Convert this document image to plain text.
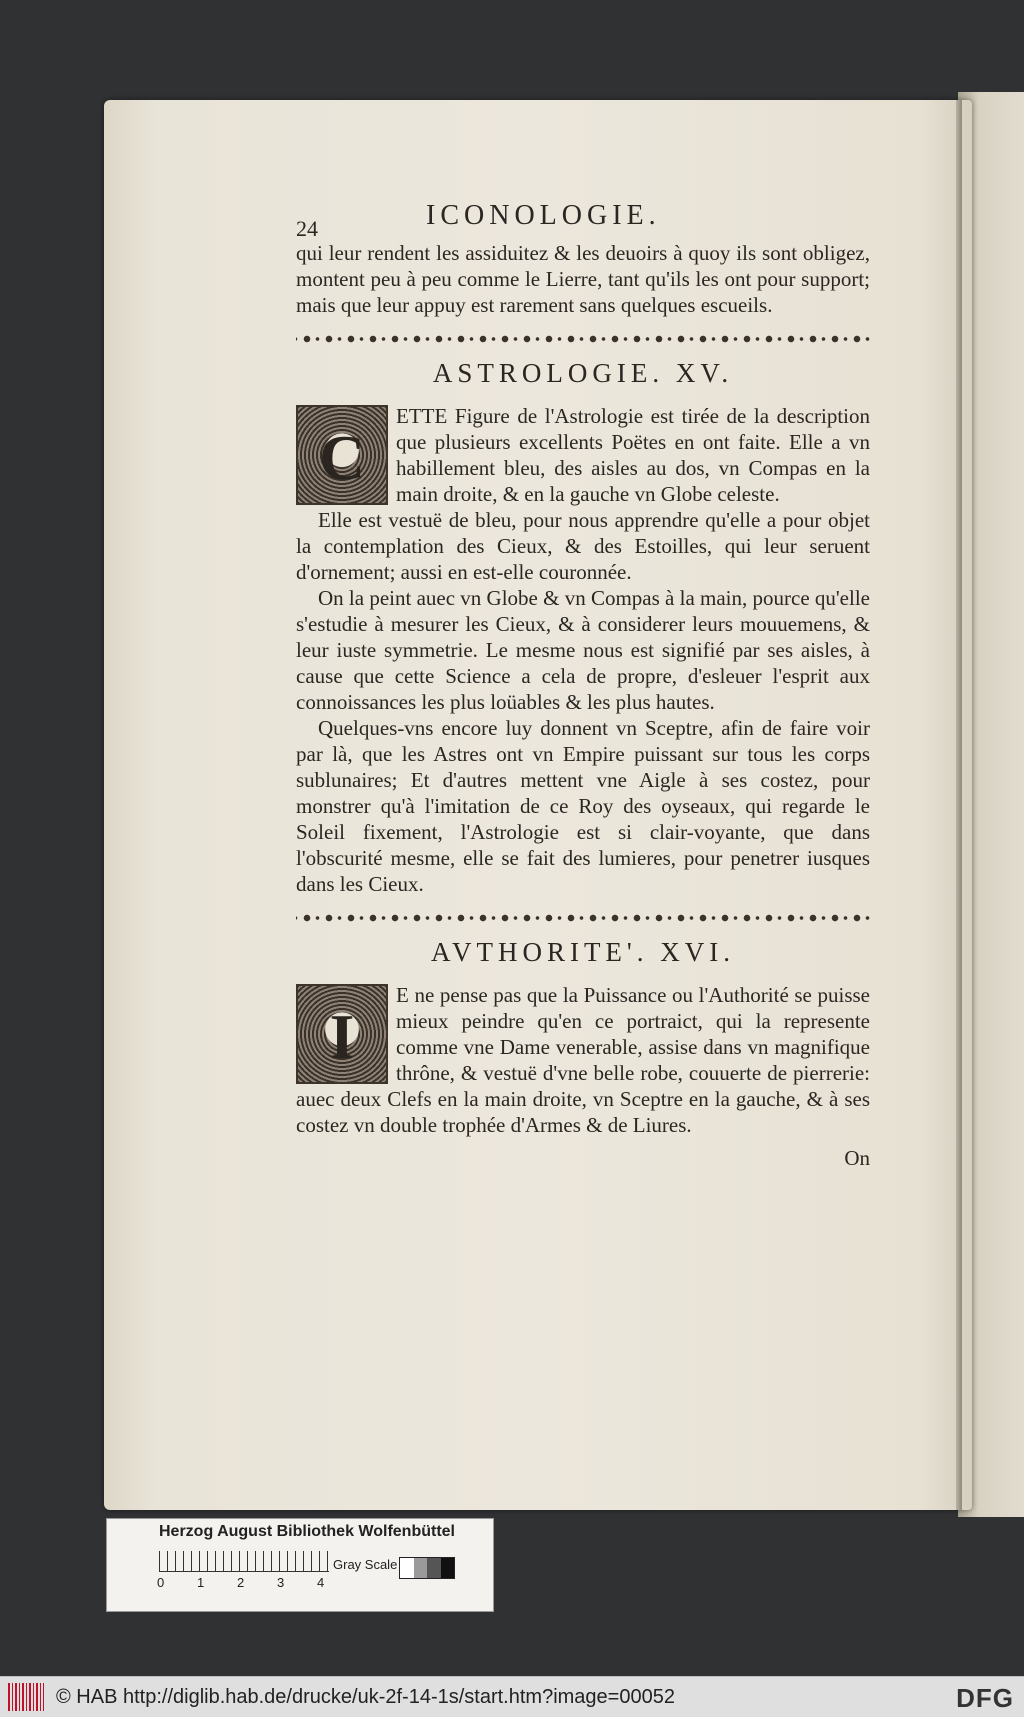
24	ICONOLOGIE.

qui leur rendent les assiduitez & les deuoirs à quoy ils sont obligez, montent peu à peu comme le Lierre, tant qu'ils les ont pour support; mais que leur appuy est rarement sans quelques escueils.

ASTROLOGIE. XV.
C

ETTE Figure de l'Astrologie est tirée de la description que plusieurs excellents Poëtes en ont faite. Elle a vn habillement bleu, des aisles au dos, vn Compas en la main droite, & en la gauche vn Globe celeste.

Elle est vestuë de bleu, pour nous apprendre qu'elle a pour objet la contemplation des Cieux, & des Estoilles, qui leur seruent d'ornement; aussi en est-elle couronnée.

On la peint auec vn Globe & vn Compas à la main, pource qu'elle s'estudie à mesurer les Cieux, & à considerer leurs mouuemens, & leur iuste symmetrie. Le mesme nous est signifié par ses aisles, à cause que cette Science a cela de propre, d'esleuer l'esprit aux connoissances les plus loüables & les plus hautes.

Quelques-vns encore luy donnent vn Sceptre, afin de faire voir par là, que les Astres ont vn Empire puissant sur tous les corps sublunaires; Et d'autres mettent vne Aigle à ses costez, pour monstrer qu'à l'imitation de ce Roy des oyseaux, qui regarde le Soleil fixement, l'Astrologie est si clair-voyante, que dans l'obscurité mesme, elle se fait des lumieres, pour penetrer iusques dans les Cieux.

AVTHORITE'. XVI.
I

E ne pense pas que la Puissance ou l'Authorité se puisse mieux peindre qu'en ce portraict, qui la represente comme vne Dame venerable, assise dans vn magnifique thrône, & vestuë d'vne belle robe, couuerte de pierrerie: auec deux Clefs en la main droite, vn Sceptre en la gauche, & à ses costez vn double trophée d'Armes & de Liures.

On
Herzog August Bibliothek Wolfenbüttel
0	1	2	3	4
Gray Scale
© HAB http://diglib.hab.de/drucke/uk-2f-14-1s/start.htm?image=00052	DFG
